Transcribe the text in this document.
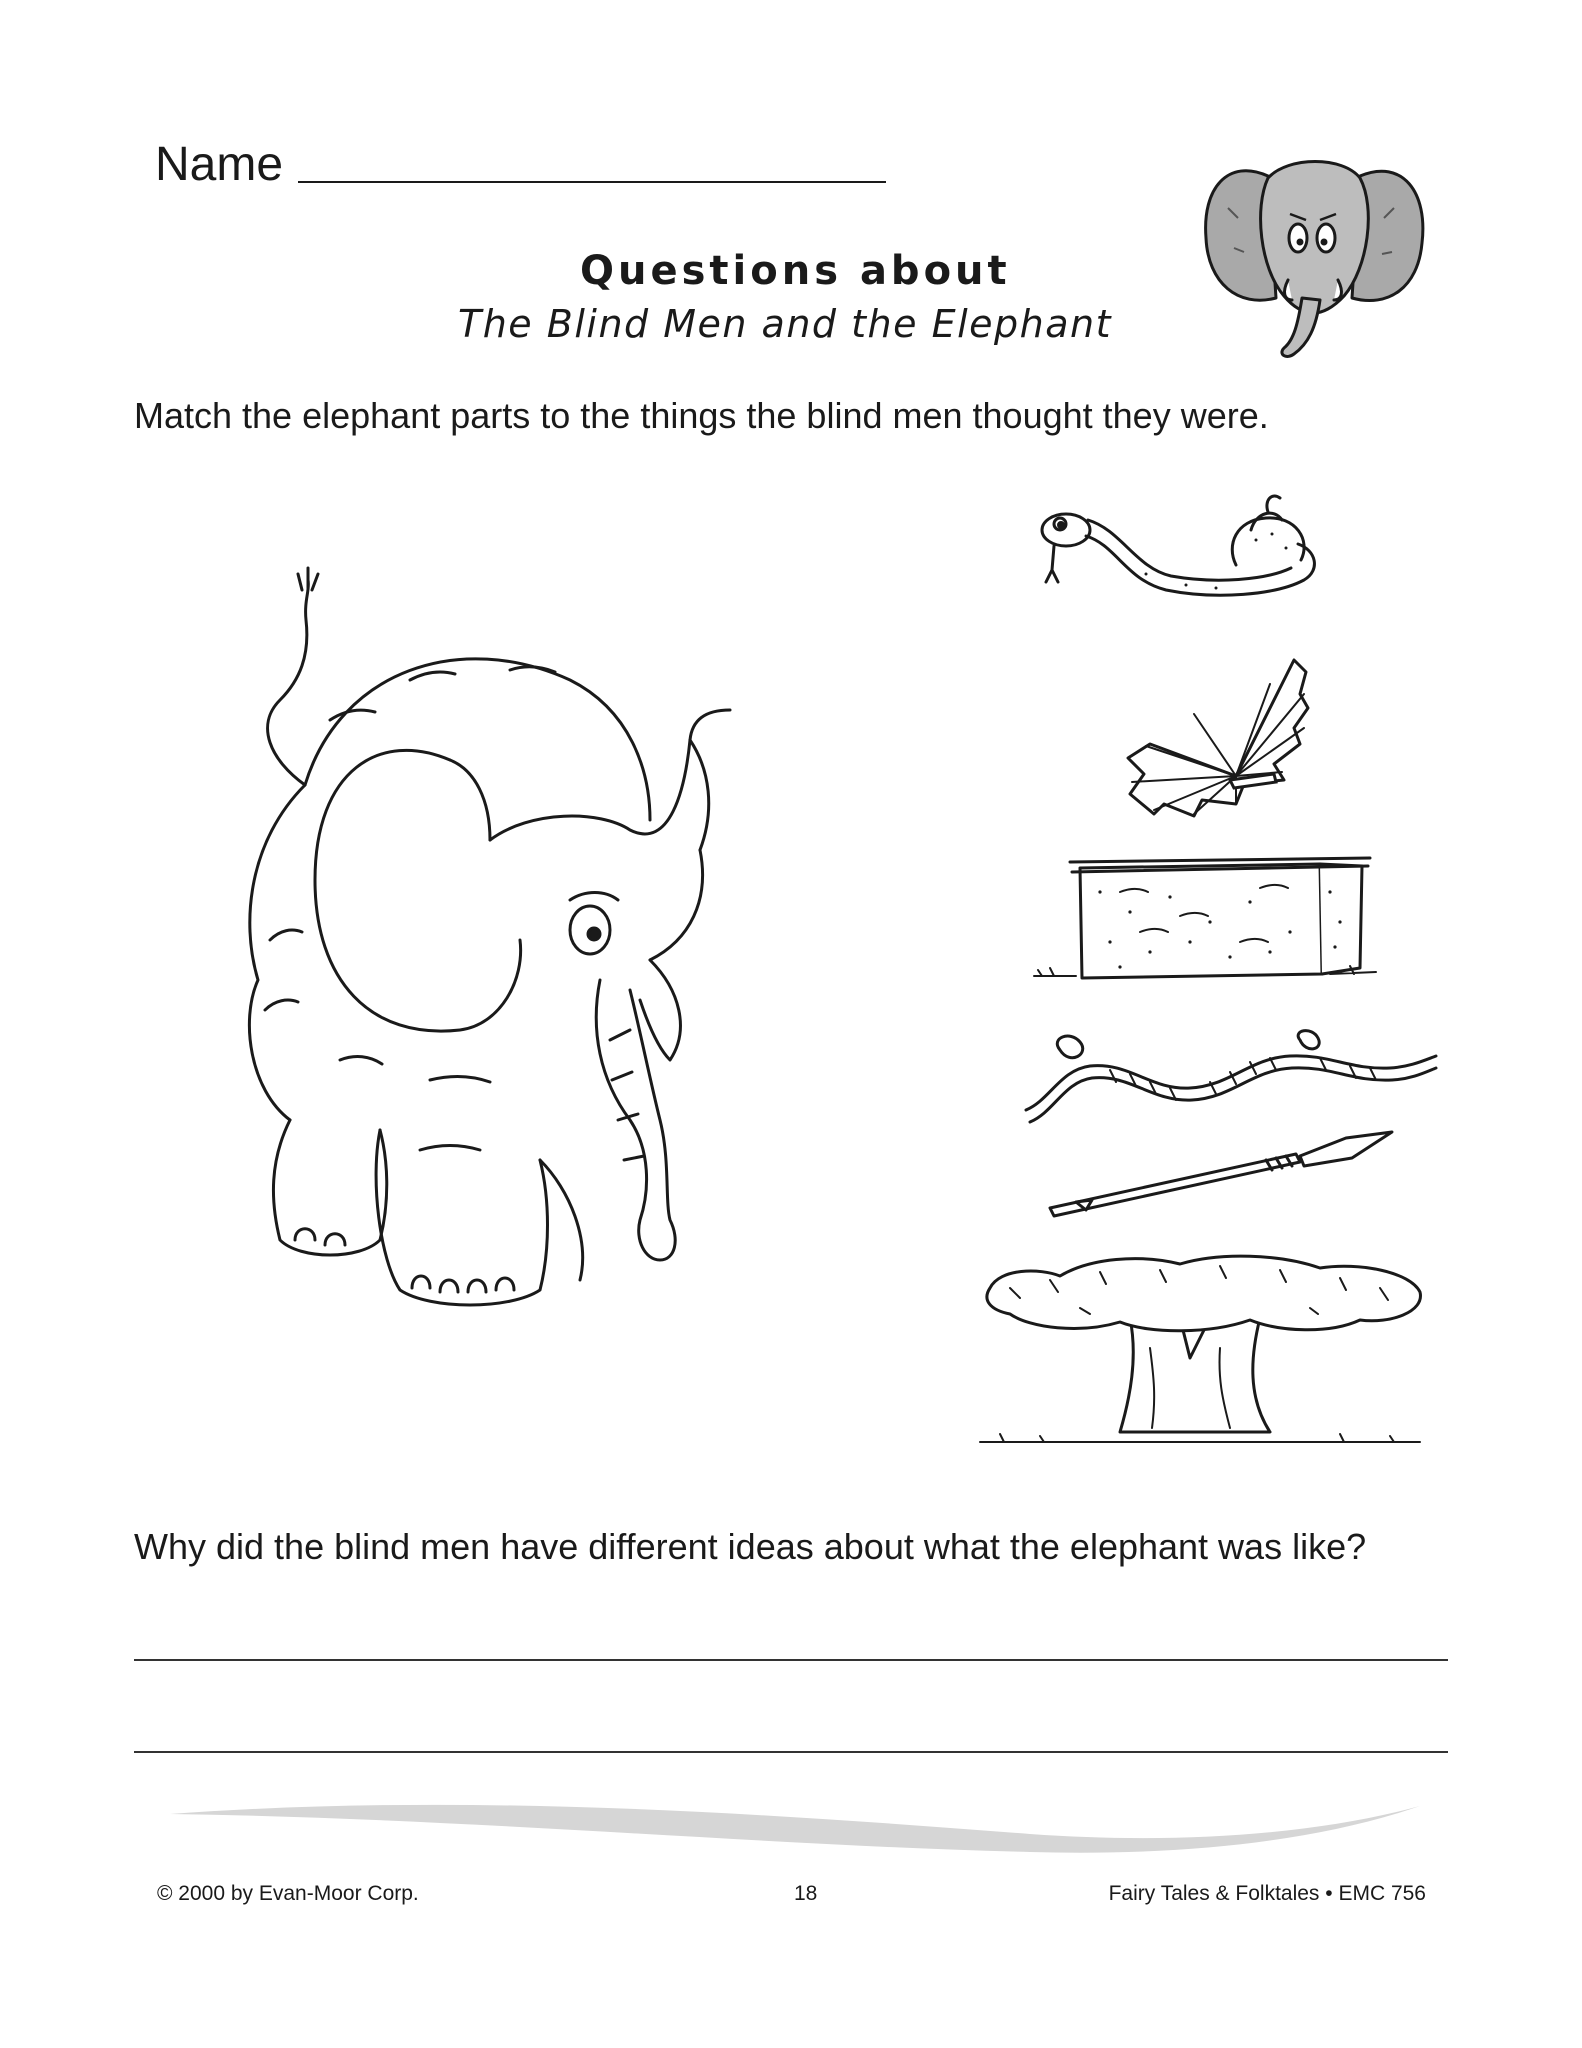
Name
Questions about
The Blind Men and the Elephant
Match the elephant parts to the things the blind men thought they were.
Why did the blind men have different ideas about what the elephant was like?
© 2000 by Evan-Moor Corp.	18	Fairy Tales & Folktales • EMC 756
